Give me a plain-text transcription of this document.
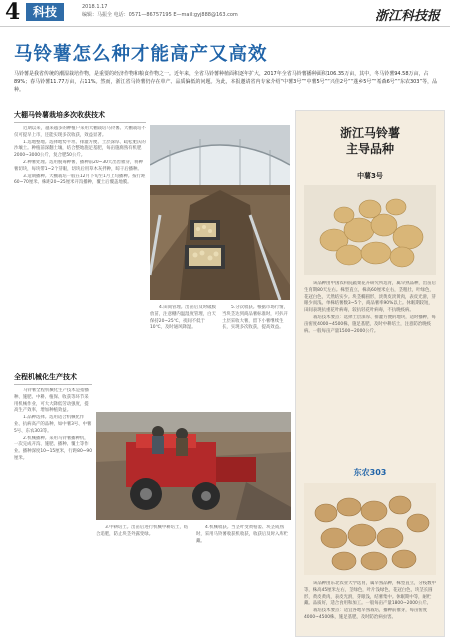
4	科技	2018.1.17
编辑：马振全 电话：0571—86757195 E—mail:gyj888@163.com	浙江科技报
马铃薯怎么种才能高产又高效
马铃薯是我省传统的潮湿栽培作物，是重要的经济作物和粮食作物之一。近年来，全省马铃薯种植面积逐年扩大，2017年全省马铃薯播种面积106.35万亩，其中，冬马铃薯94.58万亩，占89%；春马铃薯11.77万亩，占11%。然而，浙江省马铃薯仍存在单产、品质偏低的问题。为此，本报邀请省内专家介绍“中薯3号”“中薯5号”“兴佳2号”“蓬乡5号”“希森6号”“东农303”等，品种。
大棚马铃薯栽培多次收获技术

近期以来，越来越多的种植户采用大棚栽培马铃薯。大棚栽培不仅可提早上市，还能实现多次收获，效益显著。

1.选地整地。选择地势平坦、排灌方便、土层深厚、疏松肥沃的沙壤土。种植前深翻土壤，结合整地施足基肥，每亩施腐熟有机肥2000~3000公斤，复合肥50公斤。

2.种薯处理。选用脱毒种薯，播种前20~30天出窖催芽，将种薯切块，每块带1~2个芽眼，切块后用草木灰拌种，晾干后播种。

3.适期播种。大棚栽培一般在12月下旬至1月上旬播种。按行距60~70厘米、株距20~25厘米开沟播种，覆土后覆盖地膜。

4.田间管理。出苗后及时破膜放苗，注意棚内温湿度管理，白天保持20~25℃，夜间不低于10℃，及时通风降湿。

5.分次收获。根据市场行情，当块茎达到商品薯标准时，可扒开土层采收大薯，留下小薯继续生长，实现多次收获，提高效益。

全程机械化生产技术

马铃薯全程机械化生产技术是指播种、施肥、中耕、植保、收获等环节采用机械作业，可大大降低劳动强度，提高生产效率，增加种植效益。

1.品种选择。选用适合机械化作业、抗病高产的品种，如中薯3号、中薯5号、东农303等。

2.机械播种。采用马铃薯播种机，一次完成开沟、施肥、播种、覆土等作业。播种深度10~15厘米，行距80~90厘米。

3.中耕培土。出苗后进行机械中耕培土，结合追肥，防止块茎外露变绿。

4.机械收获。当茎叶变黄枯萎、块茎成熟时，采用马铃薯收获机收获，收获后及时入库贮藏。

浙江马铃薯
主导品种
中薯3号

该品种由中国农科院蔬菜花卉研究所选育，属早熟品种，出苗后生育期80天左右。株型直立，株高60厘米左右，茎粗壮，叶绿色，花冠白色，天然结实少。块茎椭圆形，淡黄皮淡黄肉，表皮光滑，芽眼少而浅。单株结薯数3~5个，商品薯率90%以上。休眠期较短，田间表现抗重花叶病毒，较抗轻花叶病毒，不抗晚疫病。

栽培技术要点：选择土层深厚、排灌方便的地块，适时播种，每亩密度4000~4500株，施足基肥，及时中耕培土，注意防治晚疫病。一般每亩产量1500~2000公斤。

东农303

该品种由东北农业大学选育，属早熟品种，株型直立，分枝数中等，株高45厘米左右，茎绿色，叶片浅绿色，花冠白色，块茎长圆形，黄皮黄肉，表皮光滑，芽眼浅，结薯集中。休眠期中等，耐贮藏。品质好，适合食用和加工。一般每亩产量1800~2000公斤。

栽培技术要点：适宜各地早熟栽培，播种前催芽，每亩密度4000~4500株，施足基肥，及时防治病虫害。
